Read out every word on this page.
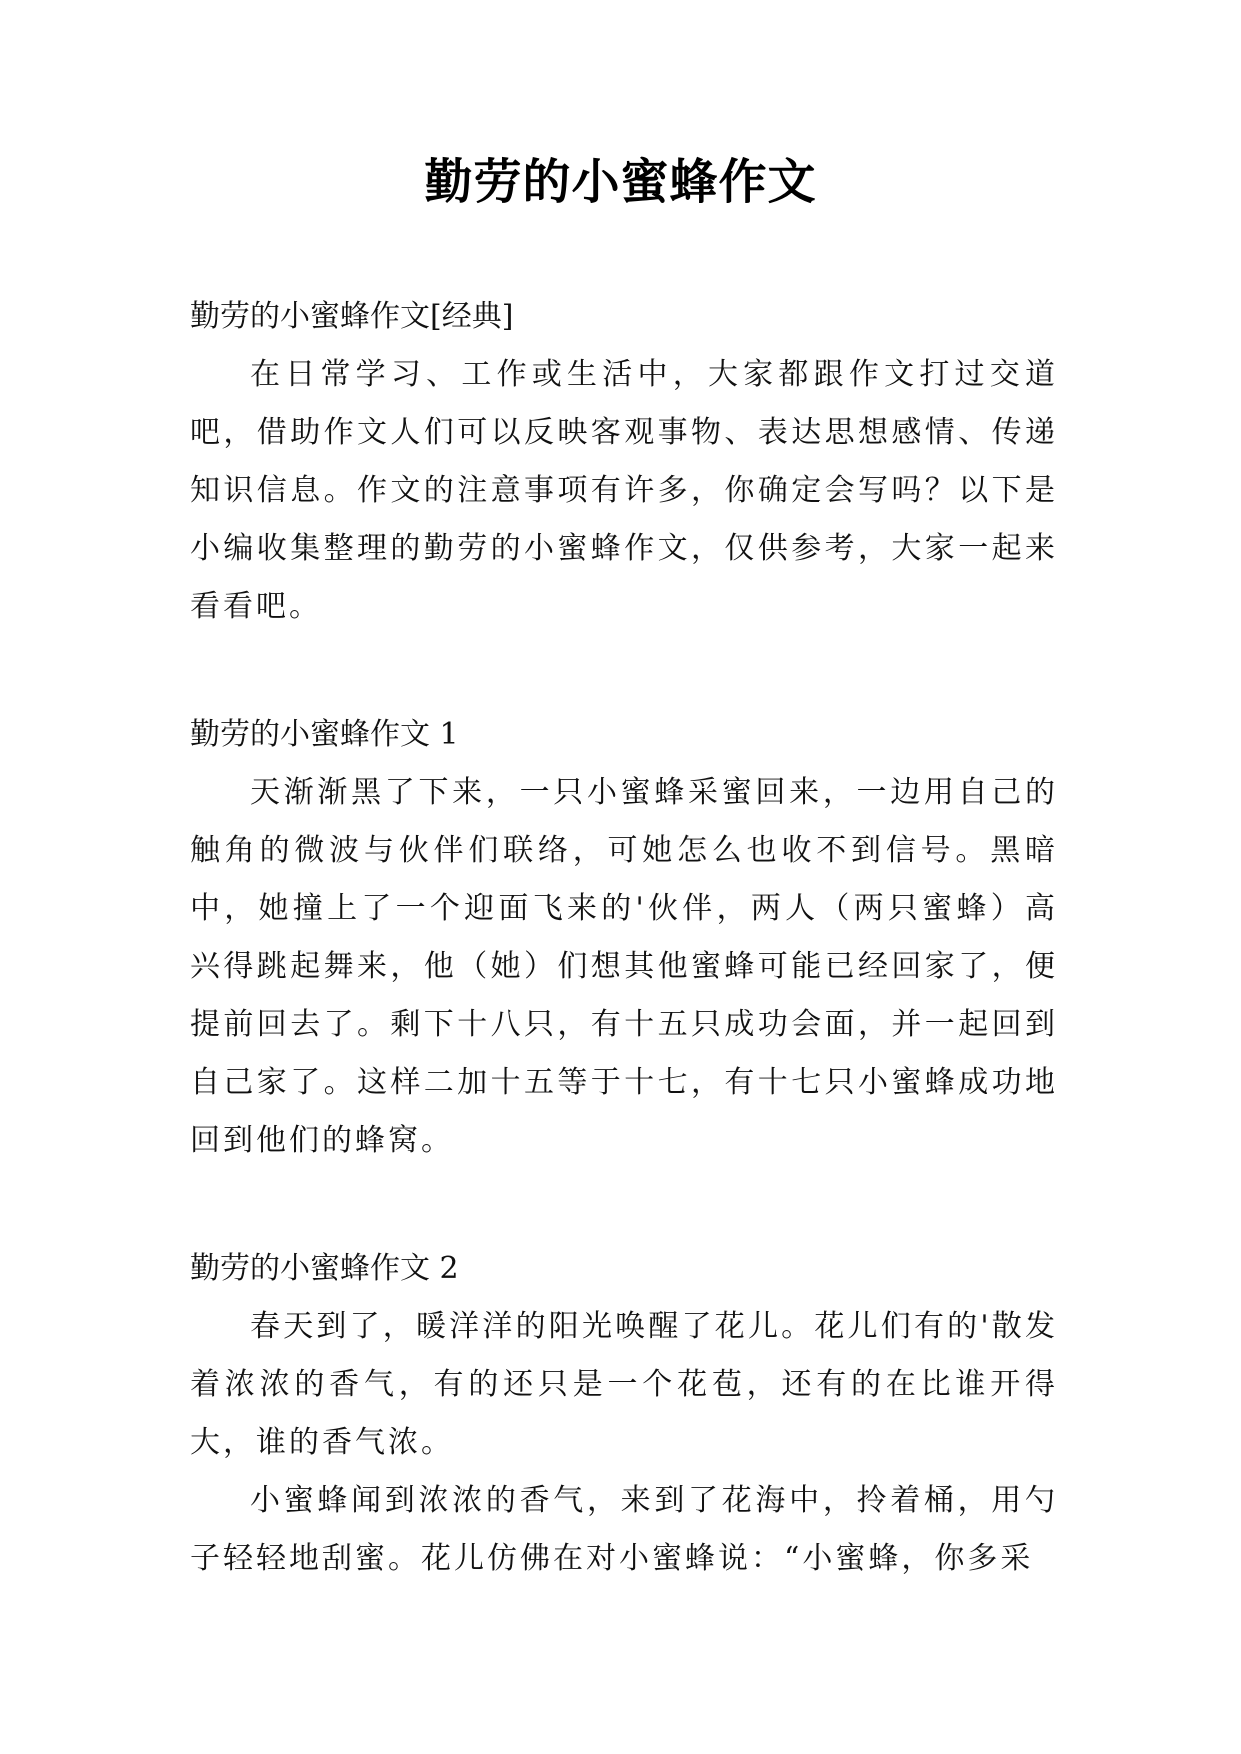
勤劳的小蜜蜂作文

勤劳的小蜜蜂作文[经典]

在日常学习、工作或生活中，大家都跟作文打过交道吧，借助作文人们可以反映客观事物、表达思想感情、传递知识信息。作文的注意事项有许多，你确定会写吗？以下是小编收集整理的勤劳的小蜜蜂作文，仅供参考，大家一起来看看吧。

勤劳的小蜜蜂作文 1

天渐渐黑了下来，一只小蜜蜂采蜜回来，一边用自己的触角的微波与伙伴们联络，可她怎么也收不到信号。黑暗中，她撞上了一个迎面飞来的'伙伴，两人（两只蜜蜂）高兴得跳起舞来，他（她）们想其他蜜蜂可能已经回家了，便提前回去了。剩下十八只，有十五只成功会面，并一起回到自己家了。这样二加十五等于十七，有十七只小蜜蜂成功地回到他们的蜂窝。

勤劳的小蜜蜂作文 2

春天到了，暖洋洋的阳光唤醒了花儿。花儿们有的'散发着浓浓的香气，有的还只是一个花苞，还有的在比谁开得大，谁的香气浓。

小蜜蜂闻到浓浓的香气，来到了花海中，拎着桶，用勺子轻轻地刮蜜。花儿仿佛在对小蜜蜂说：“小蜜蜂，你多采
